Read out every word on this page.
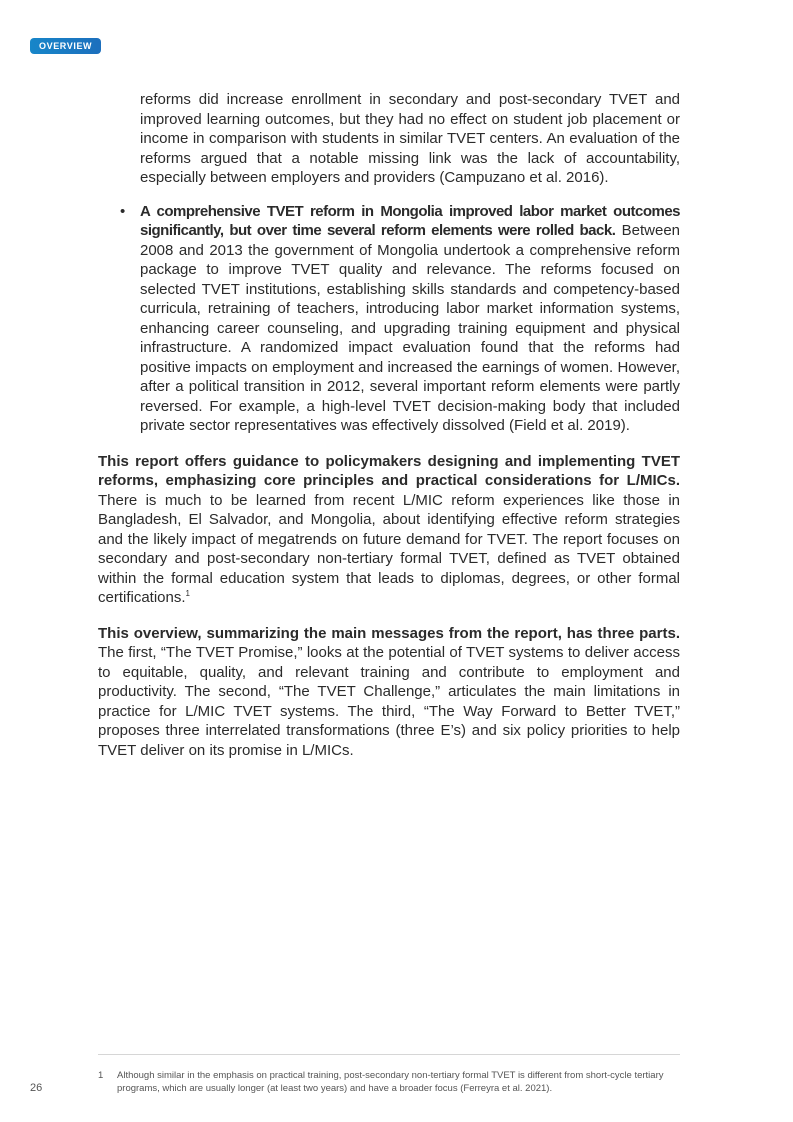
OVERVIEW

reforms did increase enrollment in secondary and post-secondary TVET and improved learning outcomes, but they had no effect on student job placement or income in comparison with students in similar TVET centers. An evaluation of the reforms argued that a notable missing link was the lack of accountability, especially between employers and providers (Campuzano et al. 2016).

• A comprehensive TVET reform in Mongolia improved labor market outcomes significantly, but over time several reform elements were rolled back. Between 2008 and 2013 the government of Mongolia undertook a comprehensive reform package to improve TVET quality and relevance. The reforms focused on selected TVET institutions, establishing skills standards and competency-based curricula, retraining of teachers, introducing labor market information systems, enhancing career counseling, and upgrading training equipment and physical infrastructure. A randomized impact evaluation found that the reforms had positive impacts on employment and increased the earnings of women. However, after a political transition in 2012, several important reform elements were partly reversed. For example, a high-level TVET decision-making body that included private sector representatives was effectively dissolved (Field et al. 2019).

This report offers guidance to policymakers designing and implementing TVET reforms, emphasizing core principles and practical considerations for L/MICs. There is much to be learned from recent L/MIC reform experiences like those in Bangladesh, El Salvador, and Mongolia, about identifying effective reform strategies and the likely impact of megatrends on future demand for TVET. The report focuses on secondary and post-secondary non-tertiary formal TVET, defined as TVET obtained within the formal education system that leads to diplomas, degrees, or other formal certifications.$^1$

This overview, summarizing the main messages from the report, has three parts. The first, “The TVET Promise,” looks at the potential of TVET systems to deliver access to equitable, quality, and relevant training and contribute to employment and productivity. The second, “The TVET Challenge,” articulates the main limitations in practice for L/MIC TVET systems. The third, “The Way Forward to Better TVET,” proposes three interrelated transformations (three E’s) and six policy priorities to help TVET deliver on its promise in L/MICs.

1 Although similar in the emphasis on practical training, post-secondary non-tertiary formal TVET is different from short-cycle tertiary programs, which are usually longer (at least two years) and have a broader focus (Ferreyra et al. 2021).
26
